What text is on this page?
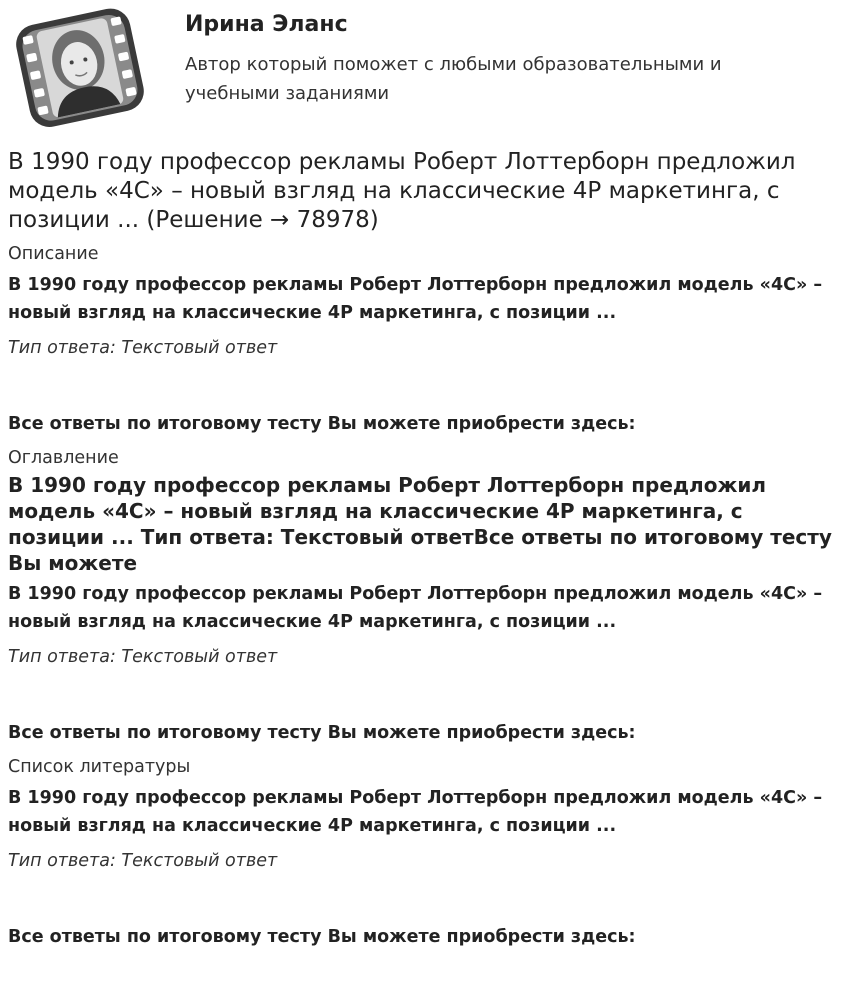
Ирина Эланс
Автор который поможет с любыми образовательными и учебными заданиями
В 1990 году профессор рекламы Роберт Лоттерборн предложил модель «4С» – новый взгляд на классические 4Р маркетинга, с позиции ... (Решение → 78978)
Описание
В 1990 году профессор рекламы Роберт Лоттерборн предложил модель «4С» – новый взгляд на классические 4Р маркетинга, с позиции ...
Тип ответа: Текстовый ответ
Все ответы по итоговому тесту Вы можете приобрести здесь:
Оглавление
В 1990 году профессор рекламы Роберт Лоттерборн предложил модель «4С» – новый взгляд на классические 4Р маркетинга, с позиции ... Тип ответа: Текстовый ответВсе ответы по итоговому тесту Вы можете
В 1990 году профессор рекламы Роберт Лоттерборн предложил модель «4С» – новый взгляд на классические 4Р маркетинга, с позиции ...
Тип ответа: Текстовый ответ
Все ответы по итоговому тесту Вы можете приобрести здесь:
Список литературы
В 1990 году профессор рекламы Роберт Лоттерборн предложил модель «4С» – новый взгляд на классические 4Р маркетинга, с позиции ...
Тип ответа: Текстовый ответ
Все ответы по итоговому тесту Вы можете приобрести здесь:
